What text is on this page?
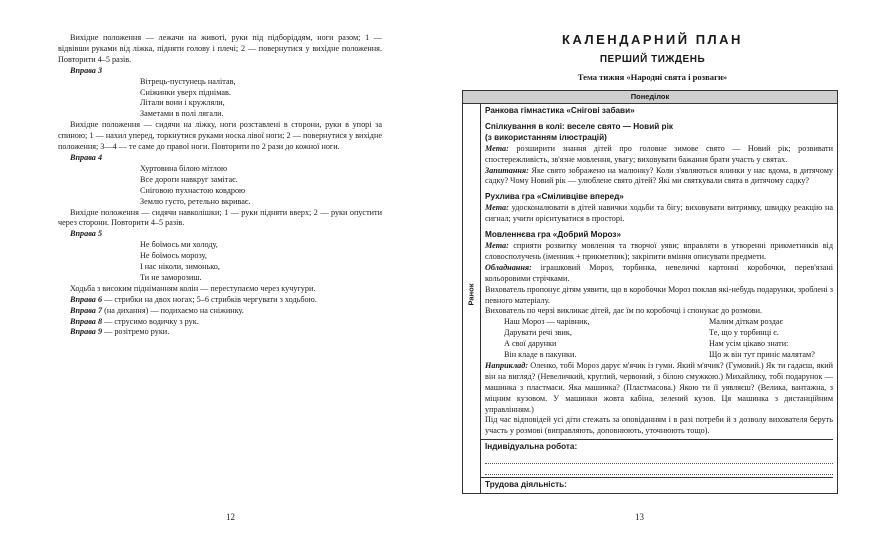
Вихідне положення — лежачи на животі, руки під підборіддям, ноги разом; 1 — відвівши руками від ліжка, підняти голову і плечі; 2 — повернутися у вихідне положення. Повторити 4–5 разів.

Вправа 3

Вітрець-пустунець налітав,

Сніжинки уверх піднімав.

Літали вони і кружляли,

Заметами в полі лягали.

Вихідне положення — сидячи на ліжку, ноги розставлені в сторони, руки в упорі за спиною; 1 — нахил уперед, торкнутися руками носка лівої ноги; 2 — повернутися у вихідне положення; 3—4 — те саме до правої ноги. Повторити по 2 рази до кожної ноги.

Вправа 4

Хуртовина білою мітлою

Все дороги навкруг замітає.

Сніговою пухнастою ковдрою

Землю густо, ретельно вкриває.

Вихідне положення — сидячи навколішки; 1 — руки підняти вверх; 2 — руки опустити через сторони. Повторити 4–5 разів.

Вправа 5

Не боїмось ми холоду,

Не боїмось морозу,

І нас ніколи, зимонько,

Ти не заморозиш.

Ходьба з високим підніманням колін — переступаємо через кучугури.

Вправа 6 — стрибки на двох ногах; 5–6 стрибків чергувати з ходьбою.

Вправа 7 (на дихання) — подихаємо на сніжинку.

Вправа 8 — струсимо водичку з рук.

Вправа 9 — розітремо руки.

12
КАЛЕНДАРНИЙ ПЛАН
ПЕРШИЙ ТИЖДЕНЬ
Тема тижня «Народні свята і розваги»
Понеділок
Ранок

Ранкова гімнастика «Снігові забави»

Спілкування в колі: веселе свято — Новий рік

(з використанням ілюстрацій)

Мета: розширити знання дітей про головне зимове свято — Новий рік; розвивати спостережливість, зв'язне мовлення, увагу; виховувати бажання брати участь у святах.

Запитання: Яке свято зображено на малюнку? Коли з'являються ялинки у нас вдома, в дитячому садку? Чому Новий рік — улюблене свято дітей? Які ми святкували свята в дитячому садку?

Рухлива гра «Сміливціве вперед»

Мета: удосконалювати в дітей навички ходьби та бігу; виховувати витримку, швидку реакцію на сигнал; учити орієнтуватися в просторі.

Мовленнєва гра «Добрий Мороз»

Мета: сприяти розвитку мовлення та творчої уяви; вправляти в утворенні прикметників від словосполучень (іменник + прикметник); закріпити вміння описувати предмети.

Обладнання: іграшковий Мороз, торбинка, невеличкі картонні коробочки, перев'язані кольоровими стрічками.

Вихователь пропонує дітям уявити, що в коробочки Мороз поклав які-небудь подарунки, зроблені з певного матеріалу.

Вихователь по черзі викликає дітей, дає їм по коробочці і спонукає до розмови.

Наш Мороз — чарівник,	Малим діткам роздає
Дарувати речі звик,	Те, що у торбинці є.
А свої дарунки	Нам усім цікаво знати:
Він кладе в пакунки.	Що ж він тут приніс малятам?

Наприклад: Оленко, тобі Мороз дарує м'ячик із гуми. Який м'ячик? (Гумовий.) Як ти гадаєш, який він на вигляд? (Невеличкий, круглий, червоний, з білою смужкою.) Михайлику, тобі подарунок — машинка з пластмаси. Яка машинка? (Пластмасова.) Якою ти її уявляєш? (Велика, вантажна, з міцним кузовом. У машинки жовта кабіна, зелений кузов. Ця машинка з дистанційним управлінням.)

Під час відповідей усі діти стежать за оповіданням і в разі потреби й з дозволу вихователя беруть участь у розмові (виправляють, доповнюють, уточнюють тощо).

Індивідуальна робота:

Трудова діяльність:

13
